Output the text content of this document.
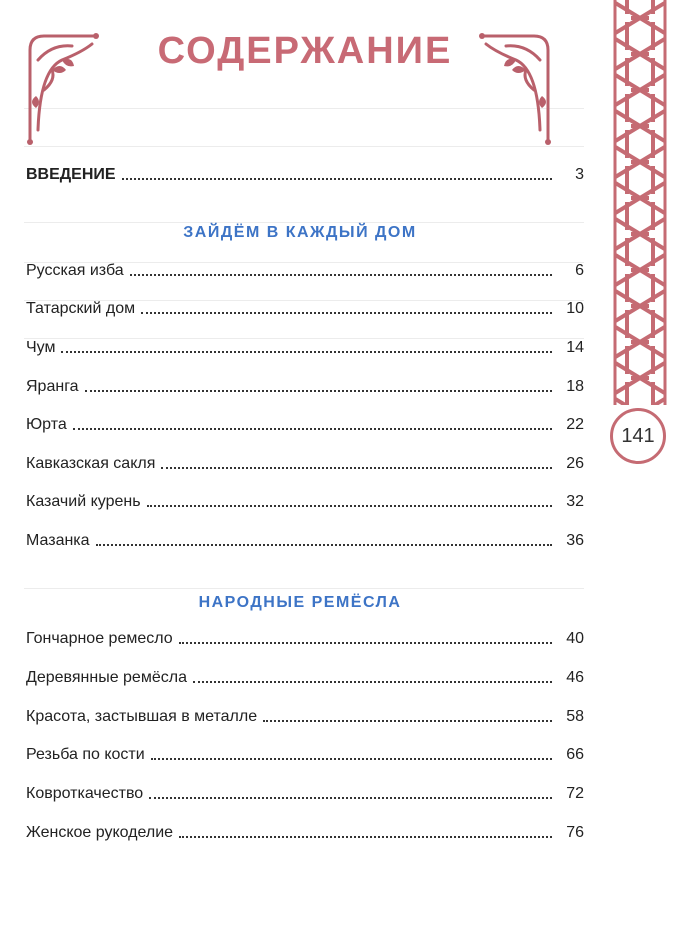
141
СОДЕРЖАНИЕ
ВВЕДЕНИЕ	3
ЗАЙДЁМ В КАЖДЫЙ ДОМ
Русская изба	6
Татарский дом	10
Чум	14
Яранга	18
Юрта	22
Кавказская сакля	26
Казачий курень	32
Мазанка	36
НАРОДНЫЕ РЕМЁСЛА
Гончарное ремесло	40
Деревянные ремёсла	46
Красота, застывшая в металле	58
Резьба по кости	66
Ковроткачество	72
Женское рукоделие	76
